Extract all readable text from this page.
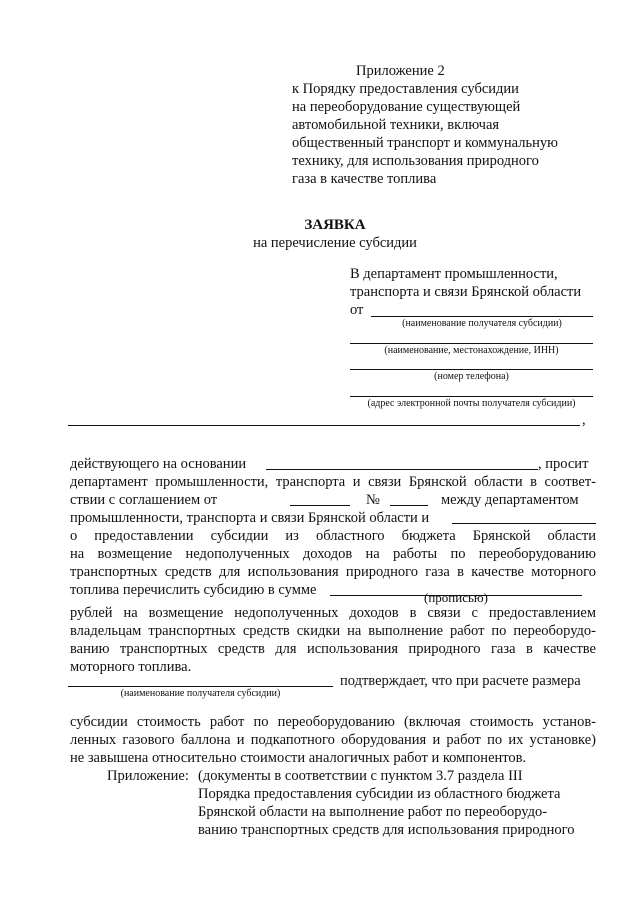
Приложение 2
к Порядку предоставления субсидии
на переоборудование существующей
автомобильной техники, включая
общественный транспорт и коммунальную
технику, для использования природного
газа в качестве топлива
ЗАЯВКА
на перечисление субсидии
В департамент промышленности,
транспорта и связи Брянской области
от
(наименование получателя субсидии)
(наименование, местонахождение, ИНН)
(номер телефона)
(адрес электронной почты получателя субсидии)
,
действующего на основании	, просит
департамент промышленности, транспорта и связи Брянской области в соответ-
ствии с соглашением от	№	между департаментом
промышленности, транспорта и связи Брянской области и
о предоставлении субсидии из областного бюджета Брянской области
на возмещение недополученных доходов на работы по переоборудованию
транспортных средств для использования природного газа в качестве моторного
топлива перечислить субсидию в сумме	(прописью)
рублей на возмещение недополученных доходов в связи с предоставлением
владельцам транспортных средств скидки на выполнение работ по переоборудо-
ванию транспортных средств для использования природного газа в качестве
моторного топлива.
подтверждает, что при расчете размера
(наименование получателя субсидии)
субсидии стоимость работ по переоборудованию (включая стоимость установ-
ленных газового баллона и подкапотного оборудования и работ по их установке)
не завышена относительно стоимости аналогичных работ и компонентов.
Приложение: (документы в соответствии с пунктом 3.7 раздела III
Порядка предоставления субсидии из областного бюджета
Брянской области на выполнение работ по переоборудо-
ванию транспортных средств для использования природного
